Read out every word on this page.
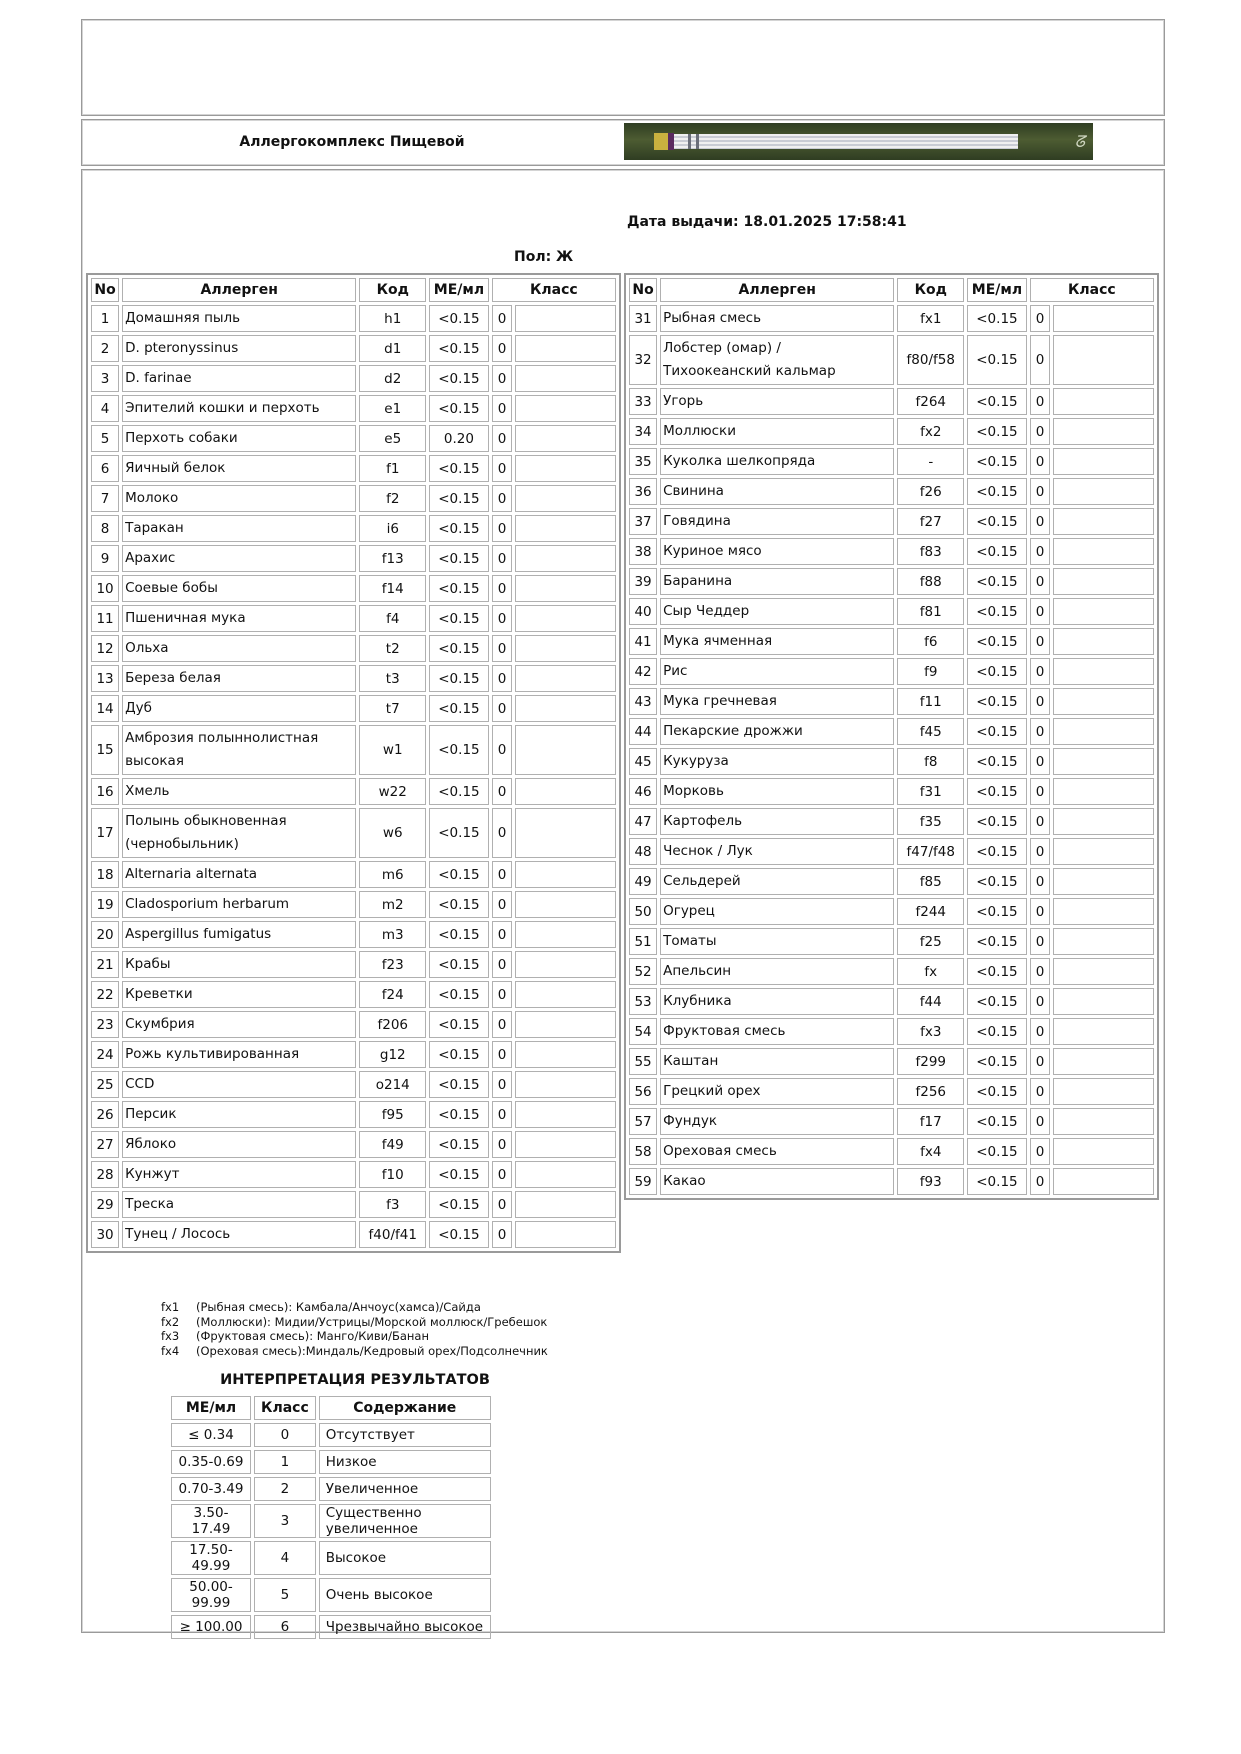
Аллергокомплекс Пищевой	ᘔ
Дата выдачи: 18.01.2025 17:58:41
Пол: Ж
No	Аллерген	Код	МЕ/мл	Класс	
1	Домашняя пыль	h1	<0.15	0	
2	D. pteronyssinus	d1	<0.15	0	
3	D. farinae	d2	<0.15	0	
4	Эпителий кошки и перхоть	e1	<0.15	0	
5	Перхоть собаки	e5	0.20	0	
6	Яичный белок	f1	<0.15	0	
7	Молоко	f2	<0.15	0	
8	Таракан	i6	<0.15	0	
9	Арахис	f13	<0.15	0	
10	Соевые бобы	f14	<0.15	0	
11	Пшеничная мука	f4	<0.15	0	
12	Ольха	t2	<0.15	0	
13	Береза белая	t3	<0.15	0	
14	Дуб	t7	<0.15	0	
15	Амброзия полыннолистная высокая	w1	<0.15	0	
16	Хмель	w22	<0.15	0	
17	Полынь обыкновенная (чернобыльник)	w6	<0.15	0	
18	Alternaria alternata	m6	<0.15	0	
19	Cladosporium herbarum	m2	<0.15	0	
20	Aspergillus fumigatus	m3	<0.15	0	
21	Крабы	f23	<0.15	0	
22	Креветки	f24	<0.15	0	
23	Скумбрия	f206	<0.15	0	
24	Рожь культивированная	g12	<0.15	0	
25	CCD	o214	<0.15	0	
26	Персик	f95	<0.15	0	
27	Яблоко	f49	<0.15	0	
28	Кунжут	f10	<0.15	0	
29	Треска	f3	<0.15	0	
30	Тунец / Лосось	f40/f41	<0.15	0	
No	Аллерген	Код	МЕ/мл	Класс	
31	Рыбная смесь	fx1	<0.15	0	
32	Лобстер (омар) / Тихоокеанский кальмар	f80/f58	<0.15	0	
33	Угорь	f264	<0.15	0	
34	Моллюски	fx2	<0.15	0	
35	Куколка шелкопряда	-	<0.15	0	
36	Свинина	f26	<0.15	0	
37	Говядина	f27	<0.15	0	
38	Куриное мясо	f83	<0.15	0	
39	Баранина	f88	<0.15	0	
40	Сыр Чеддер	f81	<0.15	0	
41	Мука ячменная	f6	<0.15	0	
42	Рис	f9	<0.15	0	
43	Мука гречневая	f11	<0.15	0	
44	Пекарские дрожжи	f45	<0.15	0	
45	Кукуруза	f8	<0.15	0	
46	Морковь	f31	<0.15	0	
47	Картофель	f35	<0.15	0	
48	Чеснок / Лук	f47/f48	<0.15	0	
49	Сельдерей	f85	<0.15	0	
50	Огурец	f244	<0.15	0	
51	Томаты	f25	<0.15	0	
52	Апельсин	fx	<0.15	0	
53	Клубника	f44	<0.15	0	
54	Фруктовая смесь	fx3	<0.15	0	
55	Каштан	f299	<0.15	0	
56	Грецкий орех	f256	<0.15	0	
57	Фундук	f17	<0.15	0	
58	Ореховая смесь	fx4	<0.15	0	
59	Какао	f93	<0.15	0	
fx1 (Рыбная смесь): Камбала/Анчоус(хамса)/Сайда
fx2 (Моллюски): Мидии/Устрицы/Морской моллюск/Гребешок
fx3 (Фруктовая смесь): Манго/Киви/Банан
fx4 (Ореховая смесь):Миндаль/Кедровый орех/Подсолнечник
ИНТЕРПРЕТАЦИЯ РЕЗУЛЬТАТОВ
МЕ/мл	Класс	Содержание
≤ 0.34	0	Отсутствует
0.35-0.69	1	Низкое
0.70-3.49	2	Увеличенное
3.50-17.49	3	Существенно увеличенное
17.50-49.99	4	Высокое
50.00-99.99	5	Очень высокое
≥ 100.00	6	Чрезвычайно высокое
